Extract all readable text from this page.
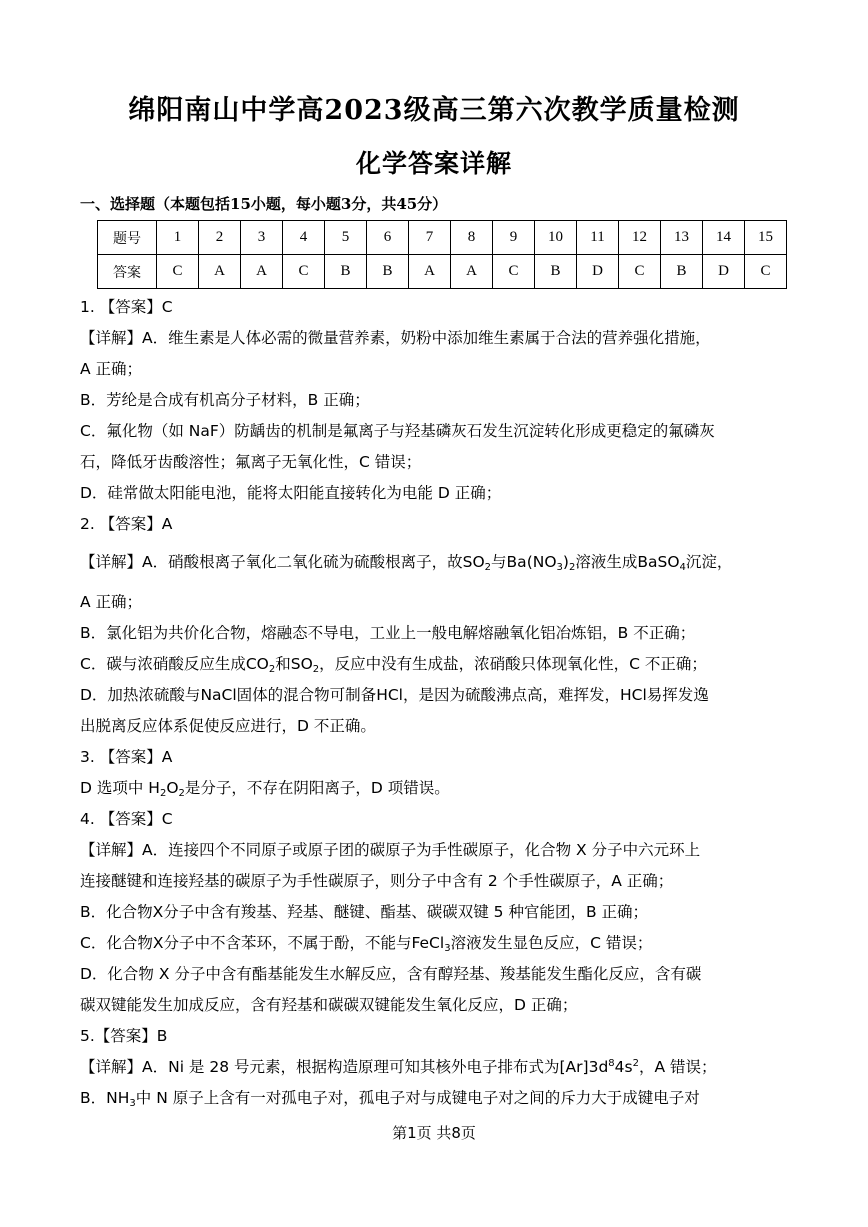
绵阳南山中学高2023级高三第六次教学质量检测
化学答案详解
一、选择题（本题包括15小题，每小题3分，共45分）
题号	1	2	3	4	5	6	7	8	9	10	11	12	13	14	15
答案	C	A	A	C	B	B	A	A	C	B	D	C	B	D	C
1. 【答案】C
【详解】A．维生素是人体必需的微量营养素，奶粉中添加维生素属于合法的营养强化措施，
A 正确；
B．芳纶是合成有机高分子材料，B 正确；
C．氟化物（如 NaF）防龋齿的机制是氟离子与羟基磷灰石发生沉淀转化形成更稳定的氟磷灰
石，降低牙齿酸溶性；氟离子无氧化性，C 错误；
D．硅常做太阳能电池，能将太阳能直接转化为电能 D 正确；
2. 【答案】A
【详解】A．硝酸根离子氧化二氧化硫为硫酸根离子，故$SO_2$与$Ba(NO_3)_2$溶液生成BaSO$_4$沉淀，
A 正确；
B．氯化铝为共价化合物，熔融态不导电，工业上一般电解熔融氧化铝冶炼铝，B 不正确；
C．碳与浓硝酸反应生成$CO_2$和$SO_2$，反应中没有生成盐，浓硝酸只体现氧化性，C 不正确；
D．加热浓硫酸与NaCl固体的混合物可制备HCl，是因为硫酸沸点高，难挥发，HCl易挥发逸
出脱离反应体系促使反应进行，D 不正确。
3. 【答案】A
D 选项中 $H_2O_2$是分子，不存在阴阳离子，D 项错误。
4. 【答案】C
【详解】A．连接四个不同原子或原子团的碳原子为手性碳原子，化合物 X 分子中六元环上
连接醚键和连接羟基的碳原子为手性碳原子，则分子中含有 2 个手性碳原子，A 正确；
B．化合物X分子中含有羧基、羟基、醚键、酯基、碳碳双键 5 种官能团，B 正确；
C．化合物X分子中不含苯环，不属于酚，不能与FeCl$_3$溶液发生显色反应，C 错误；
D．化合物 X 分子中含有酯基能发生水解反应，含有醇羟基、羧基能发生酯化反应，含有碳
碳双键能发生加成反应，含有羟基和碳碳双键能发生氧化反应，D 正确；
5.【答案】B
【详解】A．Ni 是 28 号元素，根据构造原理可知其核外电子排布式为$[Ar]3d^84s^2$，A 错误；
B．$NH_3$中 N 原子上含有一对孤电子对，孤电子对与成键电子对之间的斥力大于成键电子对
第1页 共8页
